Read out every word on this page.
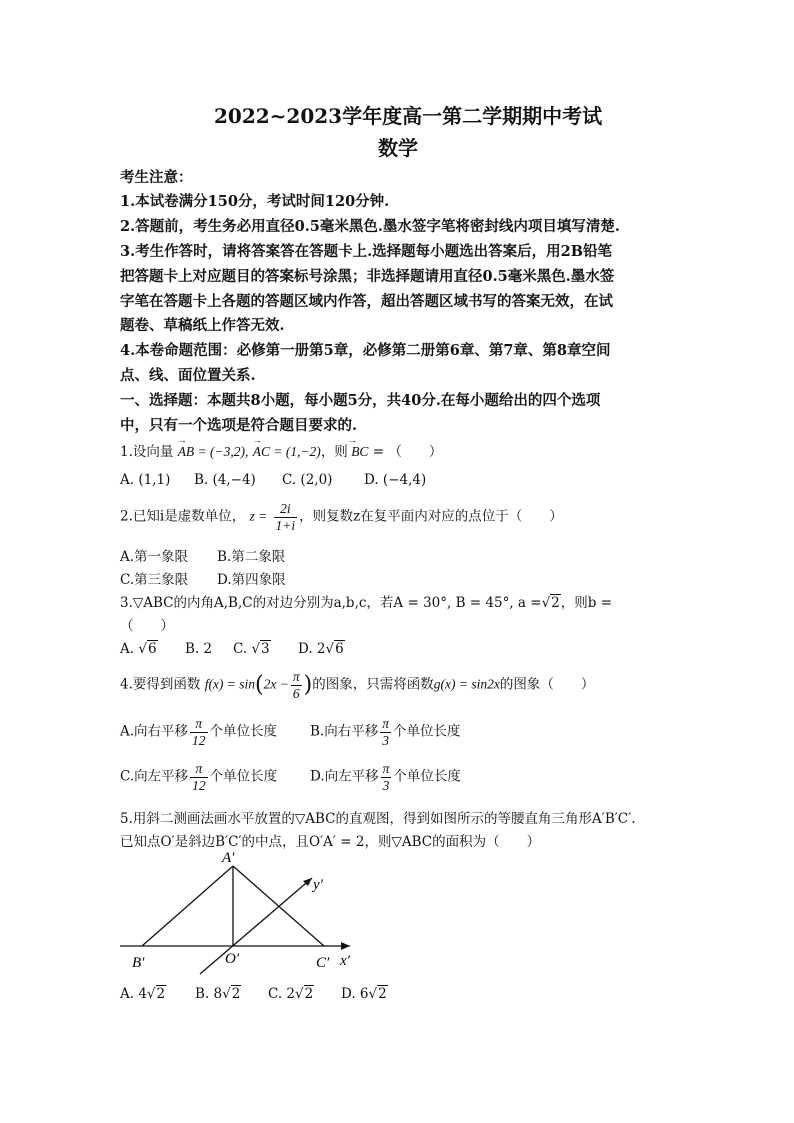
2022~2023学年度高一第二学期期中考试
数学
考生注意：
1.本试卷满分150分，考试时间120分钟.
2.答题前，考生务必用直径0.5毫米黑色.墨水签字笔将密封线内项目填写清楚.
3.考生作答时，请将答案答在答题卡上.选择题每小题选出答案后，用2B铅笔
把答题卡上对应题目的答案标号涂黑；非选择题请用直径0.5毫米黑色.墨水签
字笔在答题卡上各题的答题区域内作答，超出答题区域书写的答案无效，在试
题卷、草稿纸上作答无效.
4.本卷命题范围：必修第一册第5章，必修第二册第6章、第7章、第8章空间
点、线、面位置关系.
一、选择题：本题共8小题，每小题5分，共40分.在每小题给出的四个选项
中，只有一个选项是符合题目要求的.
1.设向量
→
AB = (−3,2),
→
AC = (1,−2)，则
→
BC = （　　）
A. (1,1) B. (4,−4) C. (2,0) D. (−4,4)
2.已知i是虚数单位， $z = \frac{2i}{1+i}$ ，则复数z在复平面内对应的点位于（　　）
A.第一象限 B.第二象限
C.第三象限 D.第四象限
3.▽ABC的内角A,B,C的对边分别为a,b,c，若A = 30°, B = 45°, a =√2，则b =
（　　）
A. √6 B. 2 C. √3 D. 2√6
4.要得到函数 $f(x) = \sin(2x - \frac{\pi}{6}$ )的图象，只需将函数g(x) = sin2x的图象（　　）
A.向右平移 $\frac{\pi}{12}$ 个单位长度 B.向右平移 $\frac{\pi}{3}$ 个单位长度
C.向左平移 $\frac{\pi}{12}$ 个单位长度 D.向左平移 $\frac{\pi}{3}$ 个单位长度
5.用斜二测画法画水平放置的▽ABC的直观图，得到如图所示的等腰直角三角形A′B′C′.
已知点O′是斜边B′C′的中点，且O′A′ = 2，则▽ABC的面积为（　　）
A′
B′	O′	C′ x′
y′
A. 4√2 B. 8√2 C. 2√2 D. 6√2
